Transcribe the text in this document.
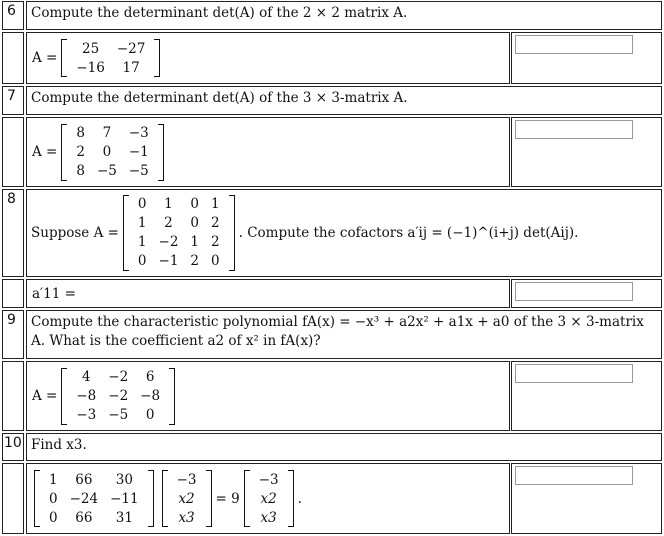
6	Compute the determinant det(A) of the 2 × 2 matrix A.
A =
25	−27
−16	17
7	Compute the determinant det(A) of the 3 × 3-matrix A.
A =
8	7	−3
2	0	−1
8	−5	−5
8
Suppose A =
0	1	0	1
1	2	0	2
1	−2	1	2
0	−1	2	0
. Compute the cofactors a′ij = (−1)^(i+j) det(Aij).
a′11 =
9	Compute the characteristic polynomial fA(x) = −x³ + a2x² + a1x + a0 of the 3 × 3-matrix A. What is the coefficient a2 of x² in fA(x)?
A =
4	−2	6
−8	−2	−8
−3	−5	0
10 Find x3.
1	66	30
0	−24	−11
0	66	31
−3
x2
x3
= 9
−3
x2
x3
.
